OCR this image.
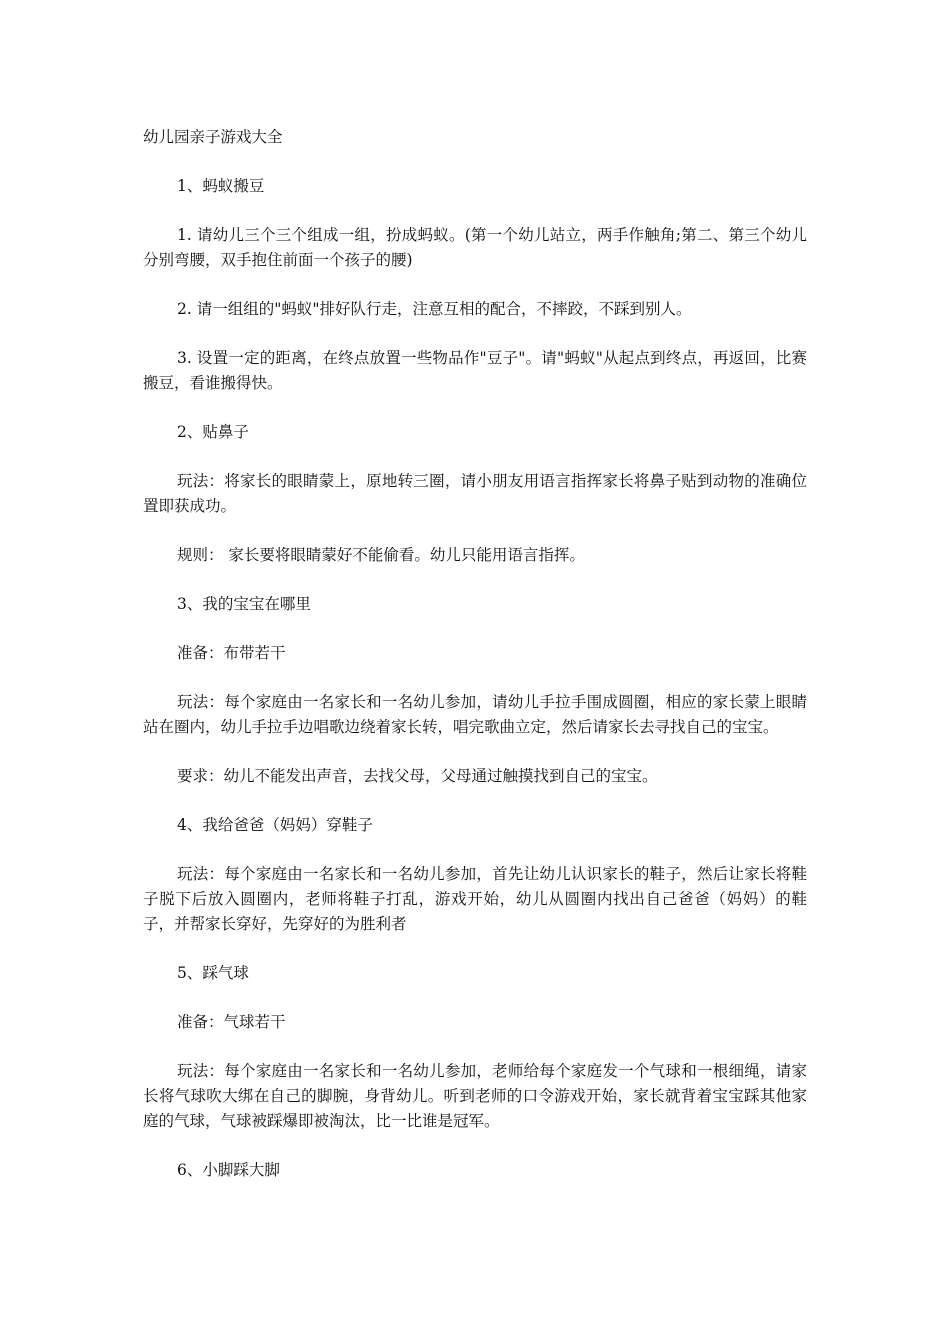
幼儿园亲子游戏大全

1、蚂蚁搬豆

1. 请幼儿三个三个组成一组，扮成蚂蚁。(第一个幼儿站立，两手作触角;第二、第三个幼儿分别弯腰，双手抱住前面一个孩子的腰)

2. 请一组组的"蚂蚁"排好队行走，注意互相的配合，不摔跤，不踩到别人。

3. 设置一定的距离，在终点放置一些物品作"豆子"。请"蚂蚁"从起点到终点，再返回，比赛搬豆，看谁搬得快。

2、贴鼻子

玩法：将家长的眼睛蒙上，原地转三圈，请小朋友用语言指挥家长将鼻子贴到动物的准确位置即获成功。

规则： 家长要将眼睛蒙好不能偷看。幼儿只能用语言指挥。

3、我的宝宝在哪里

准备：布带若干

玩法：每个家庭由一名家长和一名幼儿参加，请幼儿手拉手围成圆圈，相应的家长蒙上眼睛站在圈内，幼儿手拉手边唱歌边绕着家长转，唱完歌曲立定，然后请家长去寻找自己的宝宝。

要求：幼儿不能发出声音，去找父母，父母通过触摸找到自己的宝宝。

4、我给爸爸（妈妈）穿鞋子

玩法：每个家庭由一名家长和一名幼儿参加，首先让幼儿认识家长的鞋子，然后让家长将鞋子脱下后放入圆圈内，老师将鞋子打乱，游戏开始，幼儿从圆圈内找出自己爸爸（妈妈）的鞋子，并帮家长穿好，先穿好的为胜利者

5、踩气球

准备：气球若干

玩法：每个家庭由一名家长和一名幼儿参加，老师给每个家庭发一个气球和一根细绳，请家长将气球吹大绑在自己的脚腕，身背幼儿。听到老师的口令游戏开始，家长就背着宝宝踩其他家庭的气球，气球被踩爆即被淘汰，比一比谁是冠军。

6、小脚踩大脚
